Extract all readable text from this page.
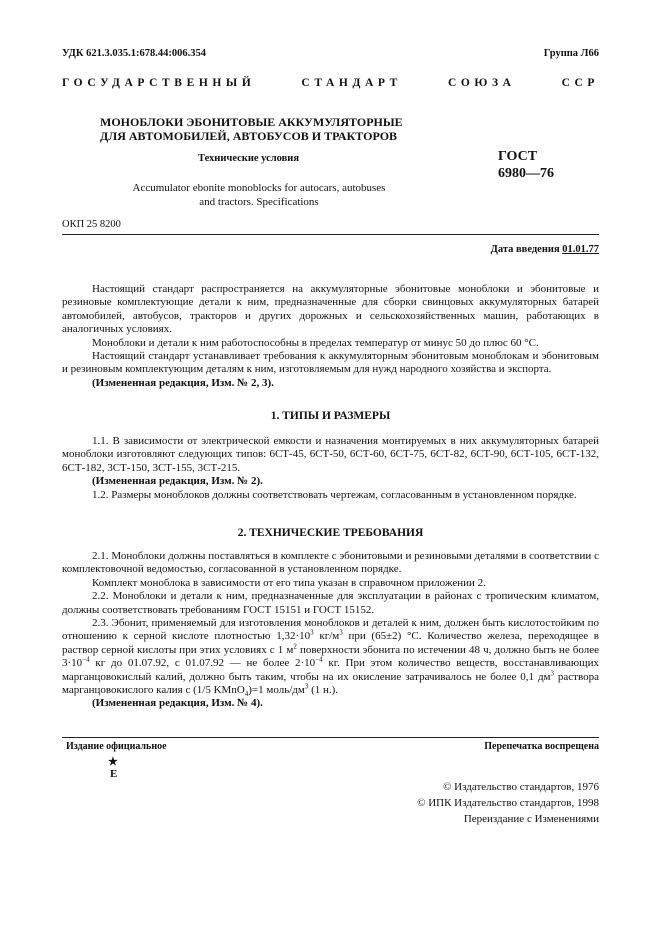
УДК 621.3.035.1:678.44:006.354	Группа Л66
ГОСУДАРСТВЕННЫЙ СТАНДАРТ СОЮЗА ССР
МОНОБЛОКИ ЭБОНИТОВЫЕ АККУМУЛЯТОРНЫЕ
ДЛЯ АВТОМОБИЛЕЙ, АВТОБУСОВ И ТРАКТОРОВ
Технические условия	ГОСТ
6980—76
Accumulator ebonite monoblocks for autocars, autobuses and tractors. Specifications
ОКП 25 8200
Дата введения 01.01.77

Настоящий стандарт распространяется на аккумуляторные эбонитовые моноблоки и эбонитовые и резиновые комплектующие детали к ним, предназначенные для сборки свинцовых аккумуляторных батарей автомобилей, автобусов, тракторов и других дорожных и сельскохозяйственных машин, работающих в аналогичных условиях.

Моноблоки и детали к ним работоспособны в пределах температур от минус 50 до плюс 60 °С.

Настоящий стандарт устанавливает требования к аккумуляторным эбонитовым моноблокам и эбонитовым и резиновым комплектующим деталям к ним, изготовляемым для нужд народного хозяйства и экспорта.

(Измененная редакция, Изм. № 2, 3).

1. ТИПЫ И РАЗМЕРЫ

1.1. В зависимости от электрической емкости и назначения монтируемых в них аккумуляторных батарей моноблоки изготовляют следующих типов: 6СТ-45, 6СТ-50, 6СТ-60, 6СТ-75, 6СТ-82, 6СТ-90, 6СТ-105, 6СТ-132, 6СТ-182, 3СТ-150, 3СТ-155, 3СТ-215.

(Измененная редакция, Изм. № 2).

1.2. Размеры моноблоков должны соответствовать чертежам, согласованным в установленном порядке.

2. ТЕХНИЧЕСКИЕ ТРЕБОВАНИЯ

2.1. Моноблоки должны поставляться в комплекте с эбонитовыми и резиновыми деталями в соответствии с комплектовочной ведомостью, согласованной в установленном порядке.

Комплект моноблока в зависимости от его типа указан в справочном приложении 2.

2.2. Моноблоки и детали к ним, предназначенные для эксплуатации в районах с тропическим климатом, должны соответствовать требованиям ГОСТ 15151 и ГОСТ 15152.

2.3. Эбонит, применяемый для изготовления моноблоков и деталей к ним, должен быть кислотостойким по отношению к серной кислоте плотностью $1,32\cdot 10^3$ $кг/м^3$ при (65±2) °С. Количество железа, переходящее в раствор серной кислоты при этих условиях с 1 $м^2$ поверхности эбонита по истечении 48 ч, должно быть не более $3\cdot 10^{-4}$ кг до 01.07.92, с 01.07.92 — не более $2\cdot 10^{-4}$ кг. При этом количество веществ, восстанавливающих марганцовокислый калий, должно быть таким, чтобы на их окисление затрачивалось не более 0,1 $дм^3$ раствора марганцовокислого калия c (1/5 KMnO$_4$)=1 моль/$дм^3$ (1 н.).

(Измененная редакция, Изм. № 4).

Издание официальное	Перепечатка воспрещена
★
Е
© Издательство стандартов, 1976
© ИПК Издательство стандартов, 1998
Переиздание с Изменениями
